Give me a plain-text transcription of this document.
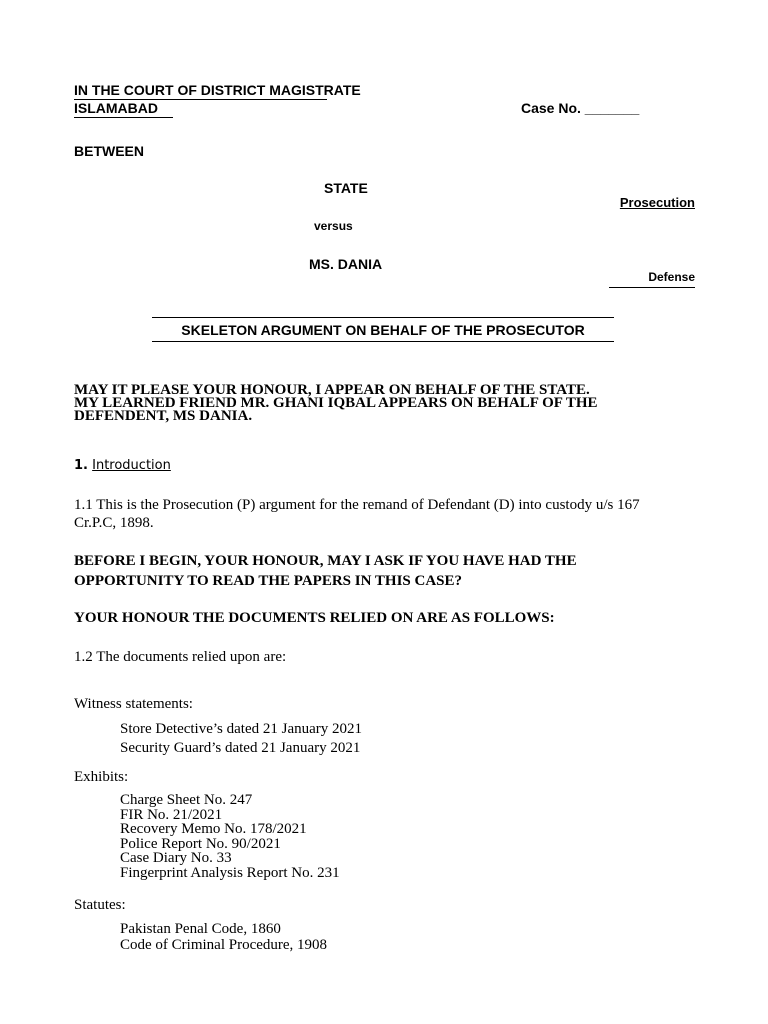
IN THE COURT OF DISTRICT MAGISTRATE
ISLAMABAD	Case No. _______
BETWEEN
STATE
Prosecution
versus
MS. DANIA
Defense
SKELETON ARGUMENT ON BEHALF OF THE PROSECUTOR
MAY IT PLEASE YOUR HONOUR, I APPEAR ON BEHALF OF THE STATE.
MY LEARNED FRIEND MR. GHANI IQBAL APPEARS ON BEHALF OF THE
DEFENDENT, MS DANIA.
1. Introduction
1.1 This is the Prosecution (P) argument for the remand of Defendant (D) into custody u/s 167
Cr.P.C, 1898.
BEFORE I BEGIN, YOUR HONOUR, MAY I ASK IF YOU HAVE HAD THE
OPPORTUNITY TO READ THE PAPERS IN THIS CASE?
YOUR HONOUR THE DOCUMENTS RELIED ON ARE AS FOLLOWS:
1.2 The documents relied upon are:
Witness statements:
Store Detective’s dated 21 January 2021
Security Guard’s dated 21 January 2021
Exhibits:
Charge Sheet No. 247
FIR No. 21/2021
Recovery Memo No. 178/2021
Police Report No. 90/2021
Case Diary No. 33
Fingerprint Analysis Report No. 231
Statutes:
Pakistan Penal Code, 1860
Code of Criminal Procedure, 1908
